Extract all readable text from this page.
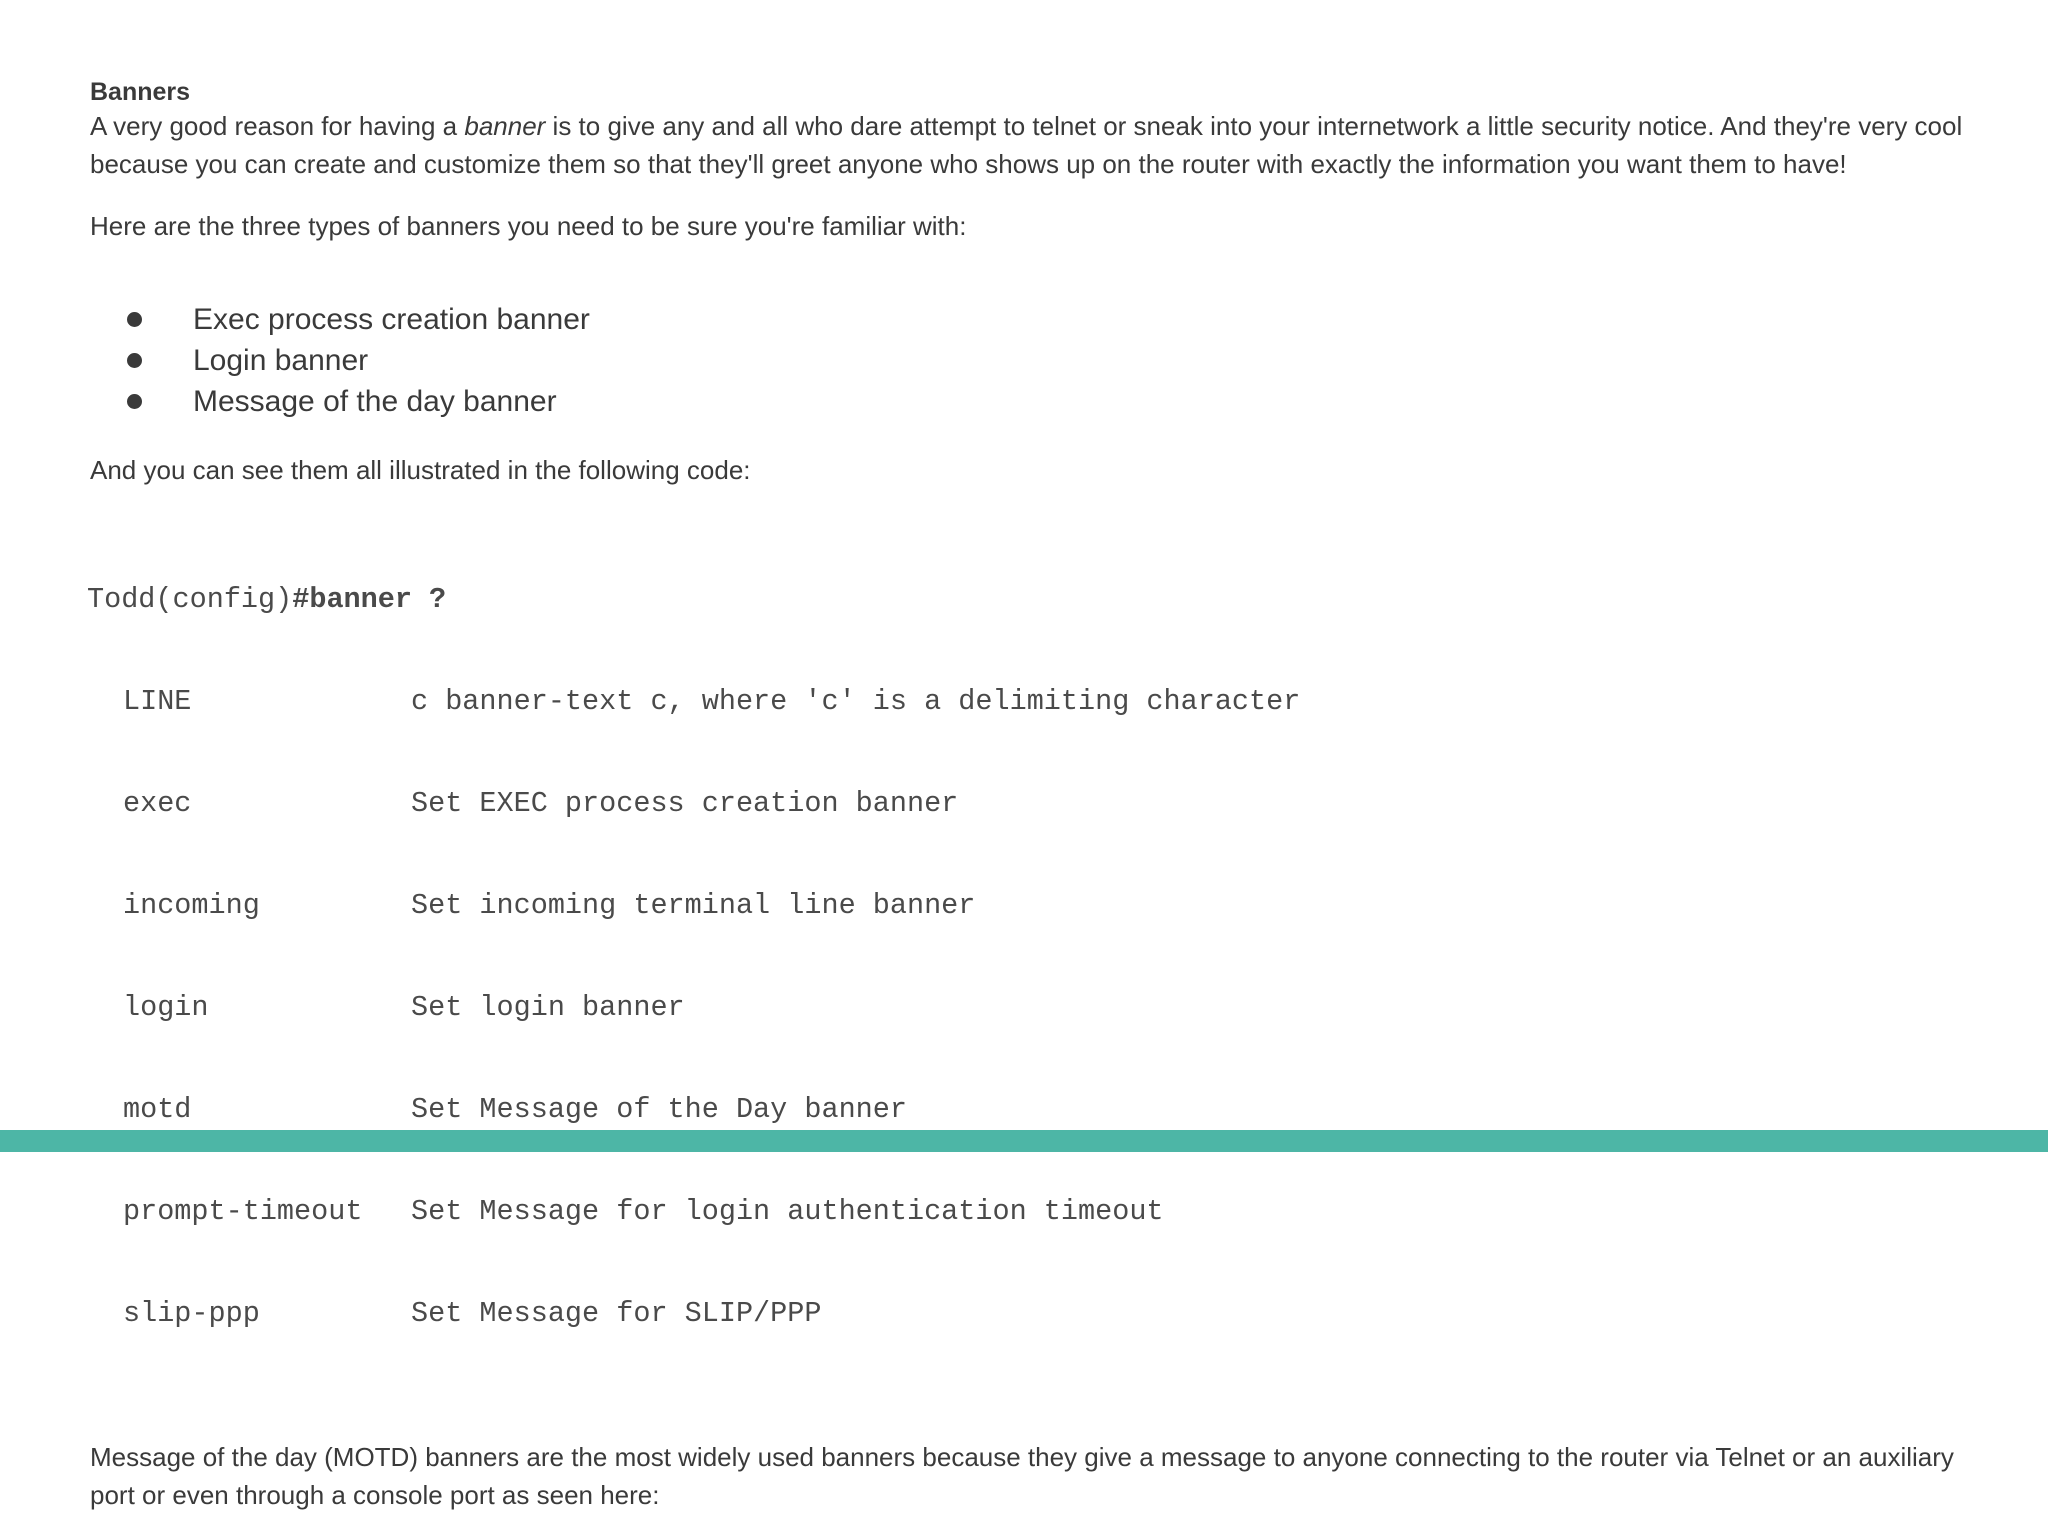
Banners

A very good reason for having a banner is to give any and all who dare attempt to telnet or sneak into your internetwork a little security notice. And they're very cool because you can create and customize them so that they'll greet anyone who shows up on the router with exactly the information you want them to have!

Here are the three types of banners you need to be sure you're familiar with:

Exec process creation banner
Login banner
Message of the day banner

And you can see them all illustrated in the following code:

Todd(config)#banner ?

LINE	c banner-text c, where 'c' is a delimiting character

exec	Set EXEC process creation banner

incoming	Set incoming terminal line banner

login	Set login banner

motd	Set Message of the Day banner

prompt-timeout Set Message for login authentication timeout

slip-ppp	Set Message for SLIP/PPP

Message of the day (MOTD) banners are the most widely used banners because they give a message to anyone connecting to the router via Telnet or an auxiliary port or even through a console port as seen here:
